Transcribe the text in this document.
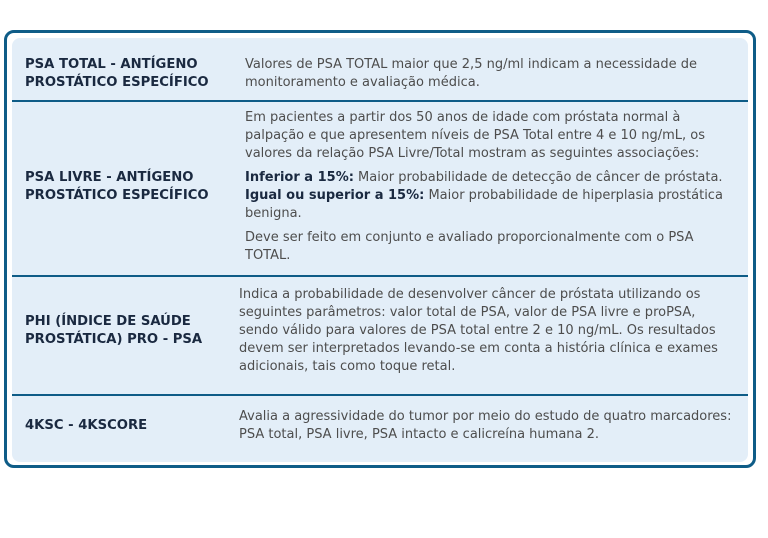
PSA TOTAL - ANTÍGENO PROSTÁTICO ESPECÍFICO

Valores de PSA TOTAL maior que 2,5 ng/ml indicam a necessidade de monitoramento e avaliação médica.

PSA LIVRE - ANTÍGENO PROSTÁTICO ESPECÍFICO

Em pacientes a partir dos 50 anos de idade com próstata normal à palpação e que apresentem níveis de PSA Total entre 4 e 10 ng/mL, os valores da relação PSA Livre/Total mostram as seguintes associações:

Inferior a 15%: Maior probabilidade de detecção de câncer de próstata. Igual ou superior a 15%: Maior probabilidade de hiperplasia prostática benigna.

Deve ser feito em conjunto e avaliado proporcionalmente com o PSA TOTAL.

PHI (ÍNDICE DE SAÚDE PROSTÁTICA) PRO - PSA

Indica a probabilidade de desenvolver câncer de próstata utilizando os seguintes parâmetros: valor total de PSA, valor de PSA livre e proPSA, sendo válido para valores de PSA total entre 2 e 10 ng/mL. Os resultados devem ser interpretados levando-se em conta a história clínica e exames adicionais, tais como toque retal.

4KSC - 4KSCORE

Avalia a agressividade do tumor por meio do estudo de quatro marcadores: PSA total, PSA livre, PSA intacto e calicreína humana 2.
